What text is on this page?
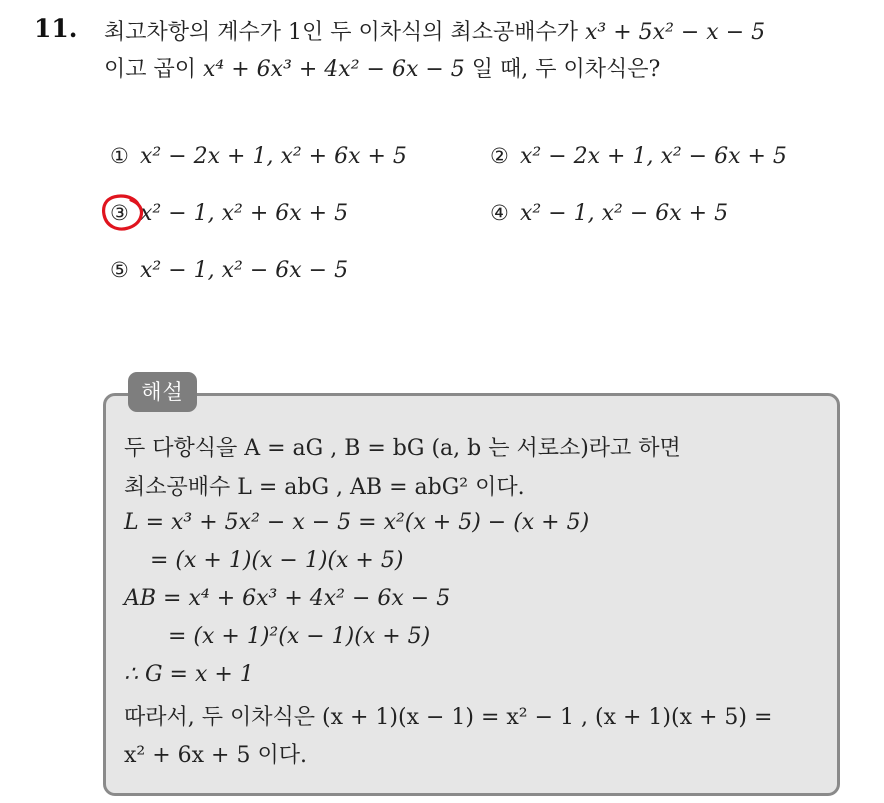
11. 최고차항의 계수가 1인 두 이차식의 최소공배수가 x³ + 5x² − x − 5
이고 곱이 x⁴ + 6x³ + 4x² − 6x − 5 일 때, 두 이차식은?
① x² − 2x + 1, x² + 6x + 5	② x² − 2x + 1, x² − 6x + 5
③ x² − 1, x² + 6x + 5	④ x² − 1, x² − 6x + 5
⑤ x² − 1, x² − 6x − 5
해설
두 다항식을 A = aG , B = bG (a, b 는 서로소)라고 하면
최소공배수 L = abG , AB = abG² 이다.
L = x³ + 5x² − x − 5 = x²(x + 5) − (x + 5)
= (x + 1)(x − 1)(x + 5)
AB = x⁴ + 6x³ + 4x² − 6x − 5
= (x + 1)²(x − 1)(x + 5)
∴ G = x + 1
따라서, 두 이차식은 (x + 1)(x − 1) = x² − 1 , (x + 1)(x + 5) =
x² + 6x + 5 이다.
